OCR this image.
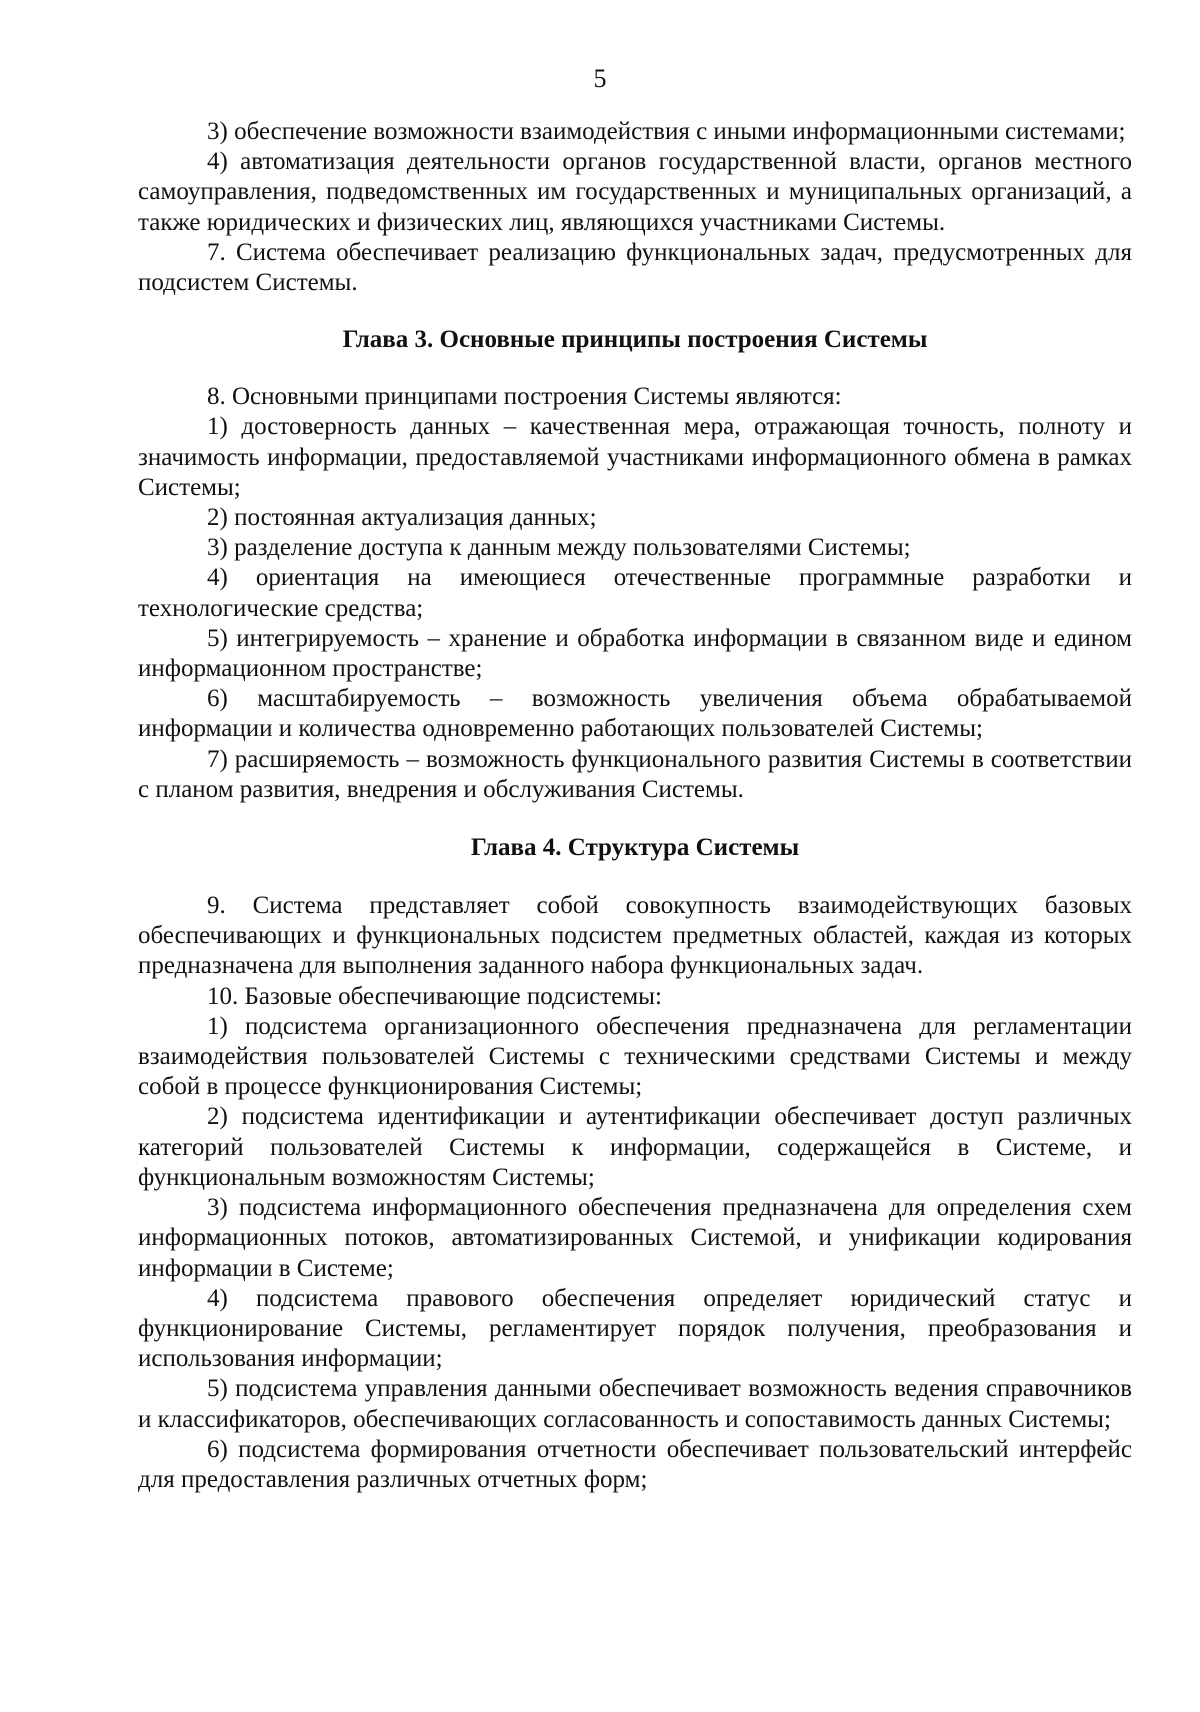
5

3) обеспечение возможности взаимодействия с иными информационными системами;

4) автоматизация деятельности органов государственной власти, органов местного самоуправления, подведомственных им государственных и муниципальных организаций, а также юридических и физических лиц, являющихся участниками Системы.

7. Система обеспечивает реализацию функциональных задач, предусмотренных для подсистем Системы.

Глава 3. Основные принципы построения Системы

8. Основными принципами построения Системы являются:

1) достоверность данных – качественная мера, отражающая точность, полноту и значимость информации, предоставляемой участниками информационного обмена в рамках Системы;

2) постоянная актуализация данных;

3) разделение доступа к данным между пользователями Системы;

4) ориентация на имеющиеся отечественные программные разработки и технологические средства;

5) интегрируемость – хранение и обработка информации в связанном виде и едином информационном пространстве;

6) масштабируемость – возможность увеличения объема обрабатываемой информации и количества одновременно работающих пользователей Системы;

7) расширяемость – возможность функционального развития Системы в соответствии с планом развития, внедрения и обслуживания Системы.

Глава 4. Структура Системы

9. Система представляет собой совокупность взаимодействующих базовых обеспечивающих и функциональных подсистем предметных областей, каждая из которых предназначена для выполнения заданного набора функциональных задач.

10. Базовые обеспечивающие подсистемы:

1) подсистема организационного обеспечения предназначена для регламентации взаимодействия пользователей Системы с техническими средствами Системы и между собой в процессе функционирования Системы;

2) подсистема идентификации и аутентификации обеспечивает доступ различных категорий пользователей Системы к информации, содержащейся в Системе, и функциональным возможностям Системы;

3) подсистема информационного обеспечения предназначена для определения схем информационных потоков, автоматизированных Системой, и унификации кодирования информации в Системе;

4) подсистема правового обеспечения определяет юридический статус и функционирование Системы, регламентирует порядок получения, преобразования и использования информации;

5) подсистема управления данными обеспечивает возможность ведения справочников и классификаторов, обеспечивающих согласованность и сопоставимость данных Системы;

6) подсистема формирования отчетности обеспечивает пользовательский интерфейс для предоставления различных отчетных форм;
